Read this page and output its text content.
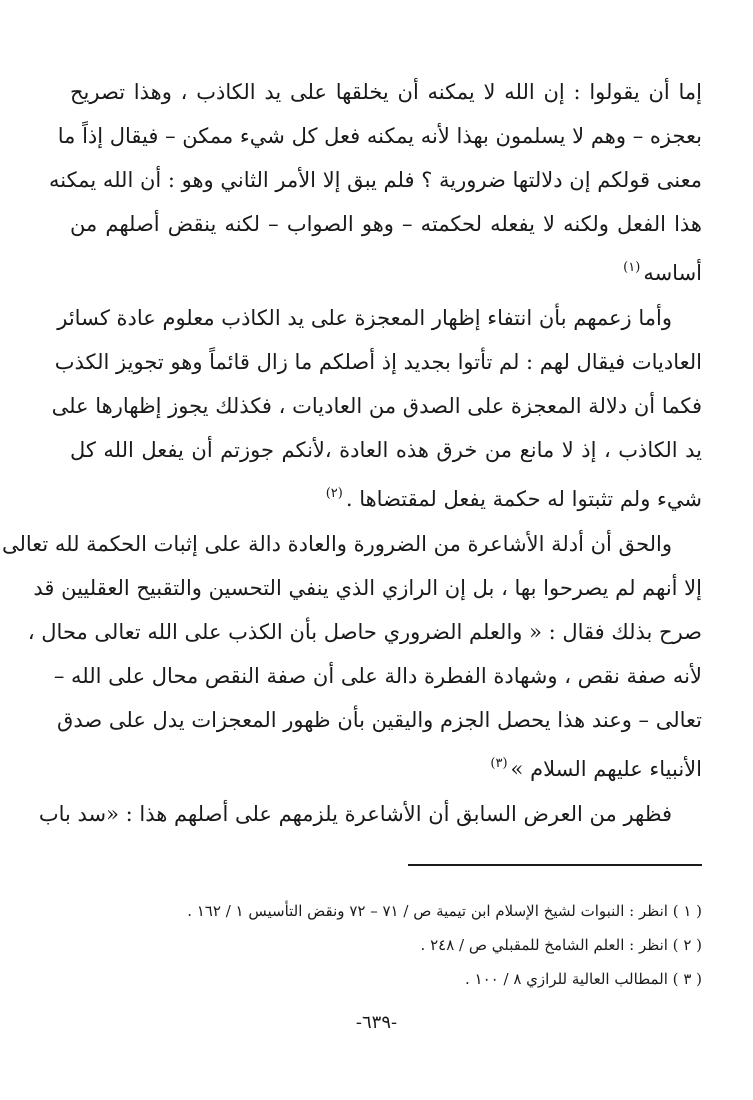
إما أن يقولوا : إن الله لا يمكنه أن يخلقها على يد الكاذب ، وهذا تصريح
بعجزه – وهم لا يسلمون بهذا لأنه يمكنه فعل كل شيء ممكن – فيقال إذاً ما
معنى قولكم إن دلالتها ضرورية ؟ فلم يبق إلا الأمر الثاني وهو : أن الله يمكنه
هذا الفعل ولكنه لا يفعله لحكمته – وهو الصواب – لكنه ينقض أصلهم من
أساسه$^{(١)}$
وأما زعمهم بأن انتفاء إظهار المعجزة على يد الكاذب معلوم عادة كسائر
العاديات فيقال لهم : لم تأتوا بجديد إذ أصلكم ما زال قائماً وهو تجويز الكذب
فكما أن دلالة المعجزة على الصدق من العاديات ، فكذلك يجوز إظهارها على
يد الكاذب ، إذ لا مانع من خرق هذه العادة ،لأنكم جوزتم أن يفعل الله كل
شيء ولم تثبتوا له حكمة يفعل لمقتضاها .$^{(٢)}$
والحق أن أدلة الأشاعرة من الضرورة والعادة دالة على إثبات الحكمة لله تعالى
إلا أنهم لم يصرحوا بها ، بل إن الرازي الذي ينفي التحسين والتقبيح العقليين قد
صرح بذلك فقال : « والعلم الضروري حاصل بأن الكذب على الله تعالى محال ،
لأنه صفة نقص ، وشهادة الفطرة دالة على أن صفة النقص محال على الله –
تعالى – وعند هذا يحصل الجزم واليقين بأن ظهور المعجزات يدل على صدق
الأنبياء عليهم السلام »$^{(٣)}$
فظهر من العرض السابق أن الأشاعرة يلزمهم على أصلهم هذا : «سد باب
( ١ ) انظر : النبوات لشيخ الإسلام ابن تيمية ص / ٧١ – ٧٢ ونقض التأسيس ١ / ١٦٢ .
( ٢ ) انظر : العلم الشامخ للمقبلي ص / ٢٤٨ .
( ٣ ) المطالب العالية للرازي ٨ / ١٠٠ .
-٦٣٩-
